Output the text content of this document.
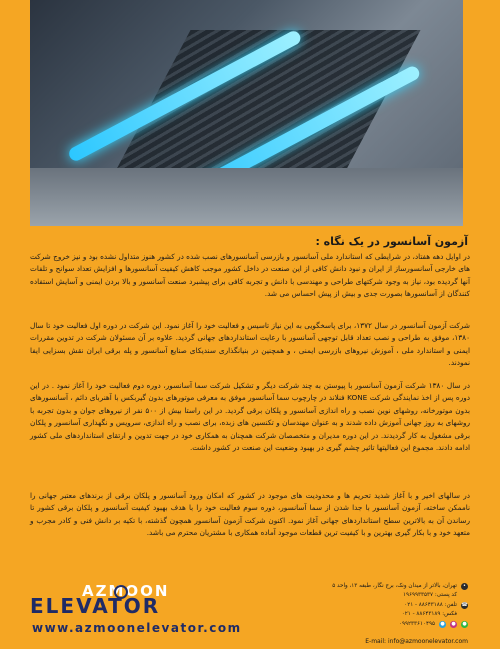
آزمون آسانسور در یک نگاه :

در اوایل دهه هفتاد، در شرایطی که استاندارد ملی آسانسور و بازرسی آسانسورهای نصب شده در کشور هنوز متداول نشده بود و نیز خروج شرکت های خارجی آسانسورساز از ایران و نبود دانش کافی از این صنعت در داخل کشور موجب کاهش کیفیت آسانسورها و افزایش تعداد سوانح و تلفات آنها گردیده بود، نیاز به وجود شرکتهای طراحی و مهندسی با دانش و تجربه کافی برای پیشبرد صنعت آسانسور و بالا بردن ایمنی و آسایش استفاده کنندگان از آسانسورها بصورت جدی و بیش از پیش احساس می شد.

شرکت آزمون آسانسور در سال ۱۳۷۲، برای پاسخگویی به این نیاز تاسیس و فعالیت خود را آغاز نمود. این شرکت در دوره اول فعالیت خود تا سال ۱۳۸۰، موفق به طراحی و نصب تعداد قابل توجهی آسانسور با رعایت استانداردهای جهانی گردید. علاوه بر آن مسئولان شرکت در تدوین مقررات ایمنی و استاندارد ملی ، آموزش نیروهای بازرسی ایمنی ، و همچنین در بنیانگذاری سندیکای صنایع آسانسور و پله برقی ایران نقش بسزایی ایفا نمودند.

در سال ۱۳۸۰ شرکت آزمون آسانسور با پیوستن به چند شرکت دیگر و تشکیل شرکت سما آسانسور، دوره دوم فعالیت خود را آغاز نمود . در این دوره پس از اخذ نمایندگی شرکت KONE فنلاند در چارچوب سما آسانسور موفق به معرفی موتورهای بدون گیربکس با آهنربای دائم ، آسانسورهای بدون موتورخانه، روشهای نوین نصب و راه اندازی آسانسور و پلکان برقی گردید. در این راستا بیش از ۵۰۰ نفر از نیروهای جوان و بدون تجربه با روشهای به روز جهانی آموزش داده شدند و به عنوان مهندسان و تکنسین های زبده، برای نصب و راه اندازی، سرویس و نگهداری آسانسور و پلکان برقی مشغول به کار گردیدند. در این دوره مدیران و متخصصان شرکت همچنان به همکاری خود در جهت تدوین و ارتقای استانداردهای ملی کشور ادامه دادند. مجموع این فعالیتها تاثیر چشم گیری در بهبود وضعیت این صنعت در کشور داشت.

در سالهای اخیر و با آغاز شدید تحریم ها و محدودیت های موجود در کشور که امکان ورود آسانسور و پلکان برقی از برندهای معتبر جهانی را ناممکن ساخته، آزمون آسانسور با جدا شدن از سما آسانسور، دوره سوم فعالیت خود را با هدف بهبود کیفیت آسانسور و پلکان برقی کشور تا رساندن آن به بالاترین سطح استانداردهای جهانی آغاز نمود. اکنون شرکت آزمون آسانسور همچون گذشته، با تکیه بر دانش فنی و کادر مجرب و متعهد خود و با بکار گیری بهترین و با کیفیت ترین قطعات موجود آماده همکاری با مشتریان محترم می باشد.

AZMOON
ELEVATOR
www.azmoonelevator.com
•
تهران، بالاتر از میدان ونک، برج نگار، طبقه ۱۳، واحد ۵
کد پستی: ۱۹۶۹۹۳۳۵۳۷
☎
تلفن: ۸۸۶۴۳۱۸۸ - ۰۲۱
فکس: ۸۸۶۴۳۱۸۹ - ۰۲۱
●
●
●
۰۹۹۲۳۳۶۱۰۴۹۵
E-mail: info@azmoonelevator.com
